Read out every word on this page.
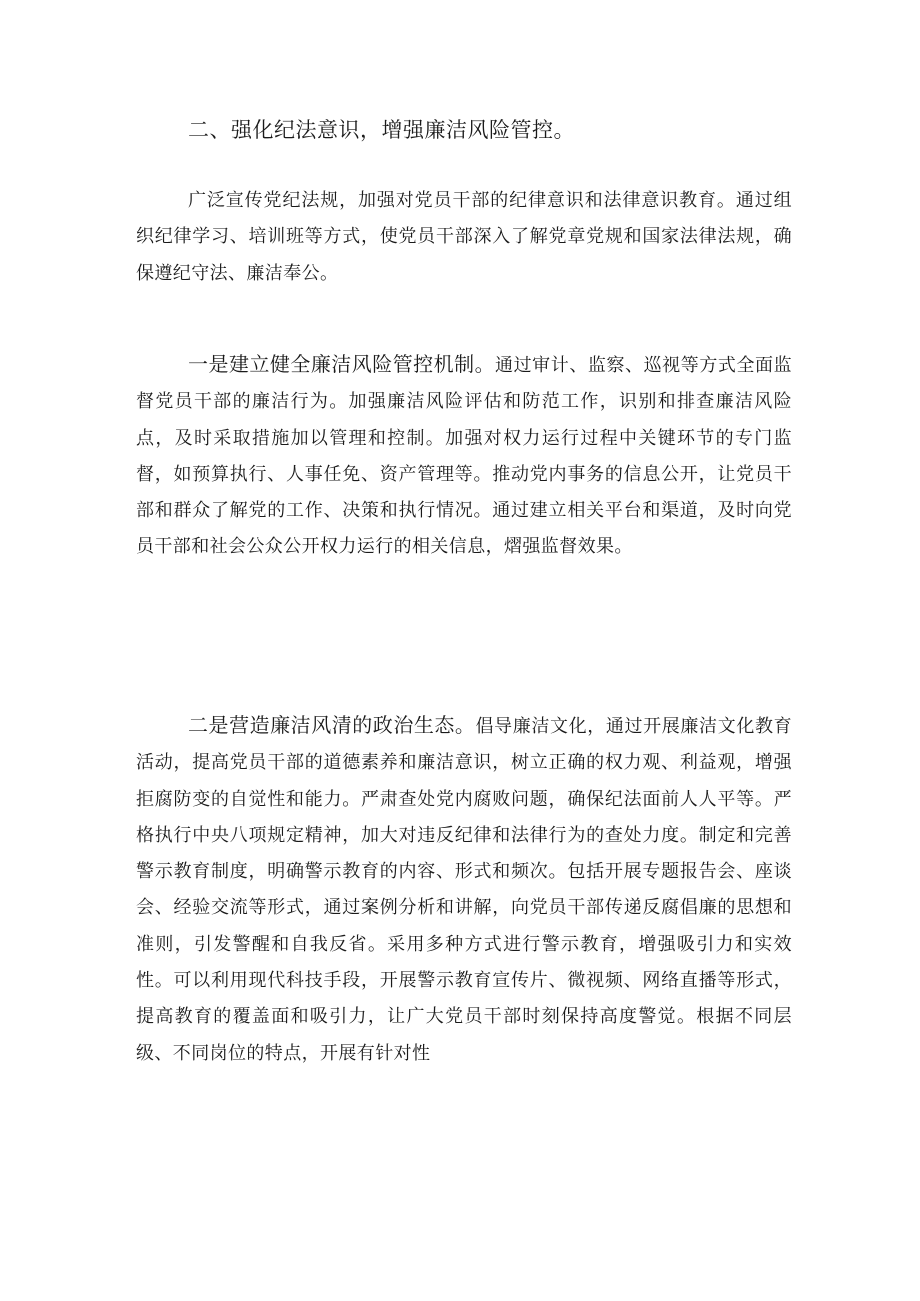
二、强化纪法意识，增强廉洁风险管控。

广泛宣传党纪法规，加强对党员干部的纪律意识和法律意识教育。通过组织纪律学习、培训班等方式，使党员干部深入了解党章党规和国家法律法规，确保遵纪守法、廉洁奉公。

一是建立健全廉洁风险管控机制。通过审计、监察、巡视等方式全面监督党员干部的廉洁行为。加强廉洁风险评估和防范工作，识别和排查廉洁风险点，及时采取措施加以管理和控制。加强对权力运行过程中关键环节的专门监督，如预算执行、人事任免、资产管理等。推动党内事务的信息公开，让党员干部和群众了解党的工作、决策和执行情况。通过建立相关平台和渠道，及时向党员干部和社会公众公开权力运行的相关信息，熠强监督效果。

二是营造廉洁风清的政治生态。倡导廉洁文化，通过开展廉洁文化教育活动，提高党员干部的道德素养和廉洁意识，树立正确的权力观、利益观，增强拒腐防变的自觉性和能力。严肃查处党内腐败问题，确保纪法面前人人平等。严格执行中央八项规定精神，加大对违反纪律和法律行为的查处力度。制定和完善警示教育制度，明确警示教育的内容、形式和频次。包括开展专题报告会、座谈会、经验交流等形式，通过案例分析和讲解，向党员干部传递反腐倡廉的思想和准则，引发警醒和自我反省。采用多种方式进行警示教育，增强吸引力和实效性。可以利用现代科技手段，开展警示教育宣传片、微视频、网络直播等形式，提高教育的覆盖面和吸引力，让广大党员干部时刻保持高度警觉。根据不同层级、不同岗位的特点，开展有针对性
